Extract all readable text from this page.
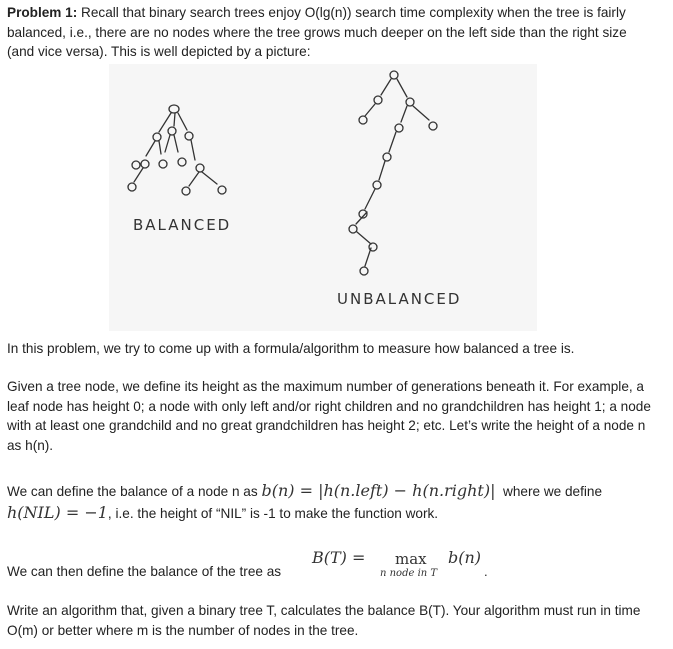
Problem 1: Recall that binary search trees enjoy O(lg(n)) search time complexity when the tree is fairly balanced, i.e., there are no nodes where the tree grows much deeper on the left side than the right size (and vice versa). This is well depicted by a picture:
BALANCED
UNBALANCED
In this problem, we try to come up with a formula/algorithm to measure how balanced a tree is.
Given a tree node, we define its height as the maximum number of generations beneath it. For example, a leaf node has height 0; a node with only left and/or right children and no grandchildren has height 1; a node with at least one grandchild and no great grandchildren has height 2; etc. Let’s write the height of a node n as h(n).
We can define the balance of a node n as b(n) = |h(n.left) − h(n.right)| where we define
h(NIL) = −1, i.e. the height of “NIL” is -1 to make the function work.
We can then define the balance of the tree as
B(T) = max
n node in T
b(n)
.
Write an algorithm that, given a binary tree T, calculates the balance B(T). Your algorithm must run in time O(m) or better where m is the number of nodes in the tree.
